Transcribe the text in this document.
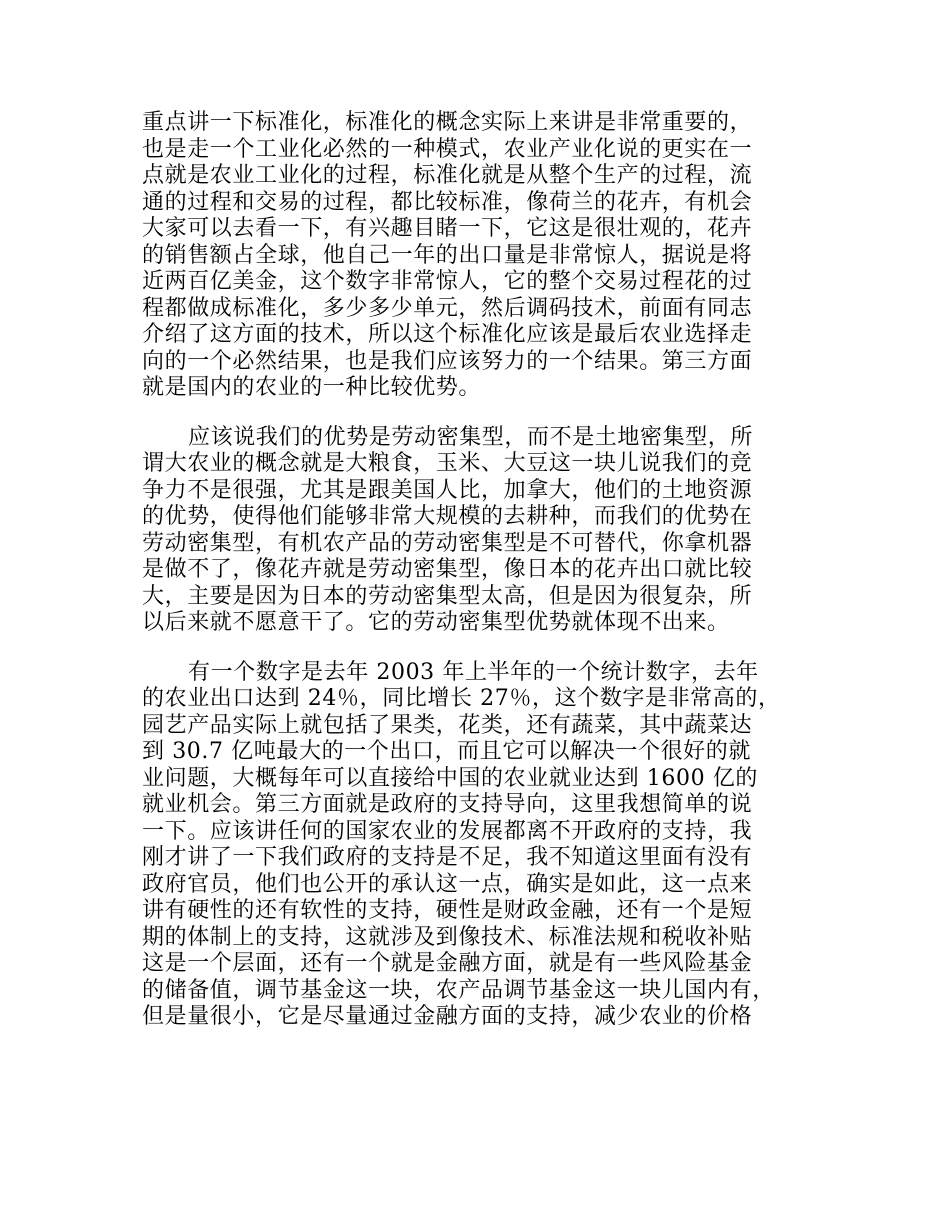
重点讲一下标准化，标准化的概念实际上来讲是非常重要的，
也是走一个工业化必然的一种模式，农业产业化说的更实在一
点就是农业工业化的过程，标准化就是从整个生产的过程，流
通的过程和交易的过程，都比较标准，像荷兰的花卉，有机会
大家可以去看一下，有兴趣目睹一下，它这是很壮观的，花卉
的销售额占全球，他自己一年的出口量是非常惊人，据说是将
近两百亿美金，这个数字非常惊人，它的整个交易过程花的过
程都做成标准化，多少多少单元，然后调码技术，前面有同志
介绍了这方面的技术，所以这个标准化应该是最后农业选择走
向的一个必然结果，也是我们应该努力的一个结果。第三方面
就是国内的农业的一种比较优势。
应该说我们的优势是劳动密集型，而不是土地密集型，所
谓大农业的概念就是大粮食，玉米、大豆这一块儿说我们的竞
争力不是很强，尤其是跟美国人比，加拿大，他们的土地资源
的优势，使得他们能够非常大规模的去耕种，而我们的优势在
劳动密集型，有机农产品的劳动密集型是不可替代，你拿机器
是做不了，像花卉就是劳动密集型，像日本的花卉出口就比较
大，主要是因为日本的劳动密集型太高，但是因为很复杂，所
以后来就不愿意干了。它的劳动密集型优势就体现不出来。
有一个数字是去年 2003 年上半年的一个统计数字，去年
的农业出口达到 24％，同比增长 27％，这个数字是非常高的，
园艺产品实际上就包括了果类，花类，还有蔬菜，其中蔬菜达
到 30.7 亿吨最大的一个出口，而且它可以解决一个很好的就
业问题，大概每年可以直接给中国的农业就业达到 1600 亿的
就业机会。第三方面就是政府的支持导向，这里我想简单的说
一下。应该讲任何的国家农业的发展都离不开政府的支持，我
刚才讲了一下我们政府的支持是不足，我不知道这里面有没有
政府官员，他们也公开的承认这一点，确实是如此，这一点来
讲有硬性的还有软性的支持，硬性是财政金融，还有一个是短
期的体制上的支持，这就涉及到像技术、标准法规和税收补贴
这是一个层面，还有一个就是金融方面，就是有一些风险基金
的储备值，调节基金这一块，农产品调节基金这一块儿国内有，
但是量很小，它是尽量通过金融方面的支持，减少农业的价格
